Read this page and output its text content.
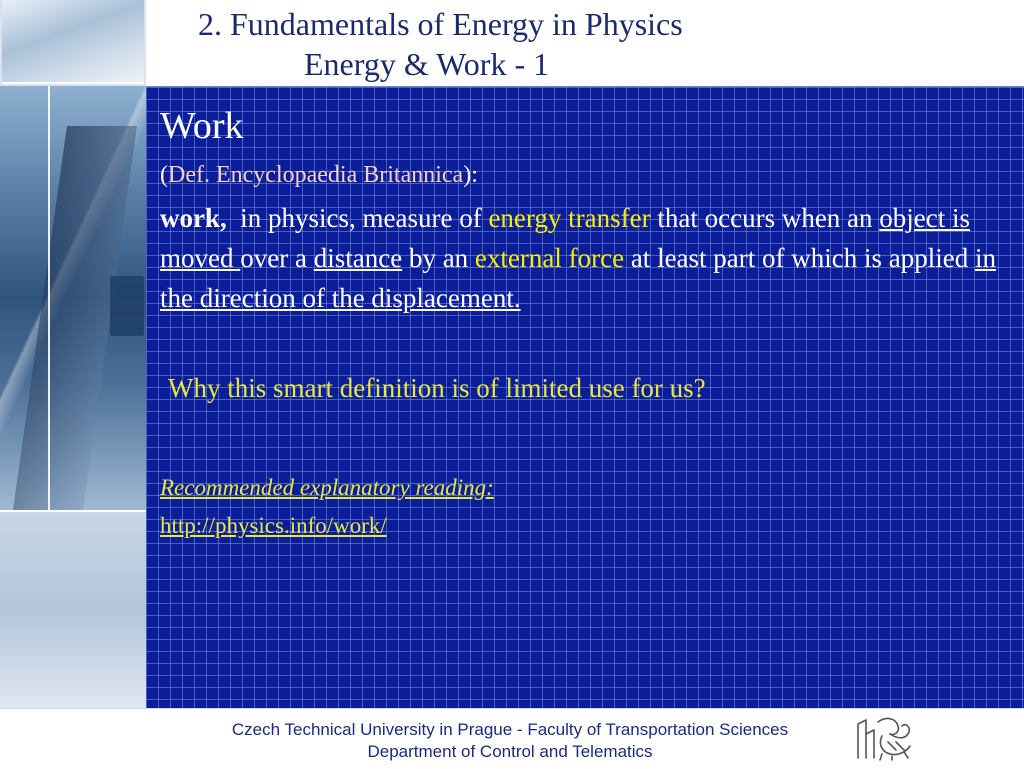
2. Fundamentals of Energy in Physics
Energy & Work - 1
Work
(Def. Encyclopaedia Britannica):
work,  in physics, measure of energy transfer that occurs when an object is moved over a distance by an external force at least part of which is applied in the direction of the displacement.
Why this smart definition is of limited use for us?
Recommended explanatory reading:
http://physics.info/work/
Czech Technical University in Prague - Faculty of Transportation Sciences
Department of Control and Telematics
